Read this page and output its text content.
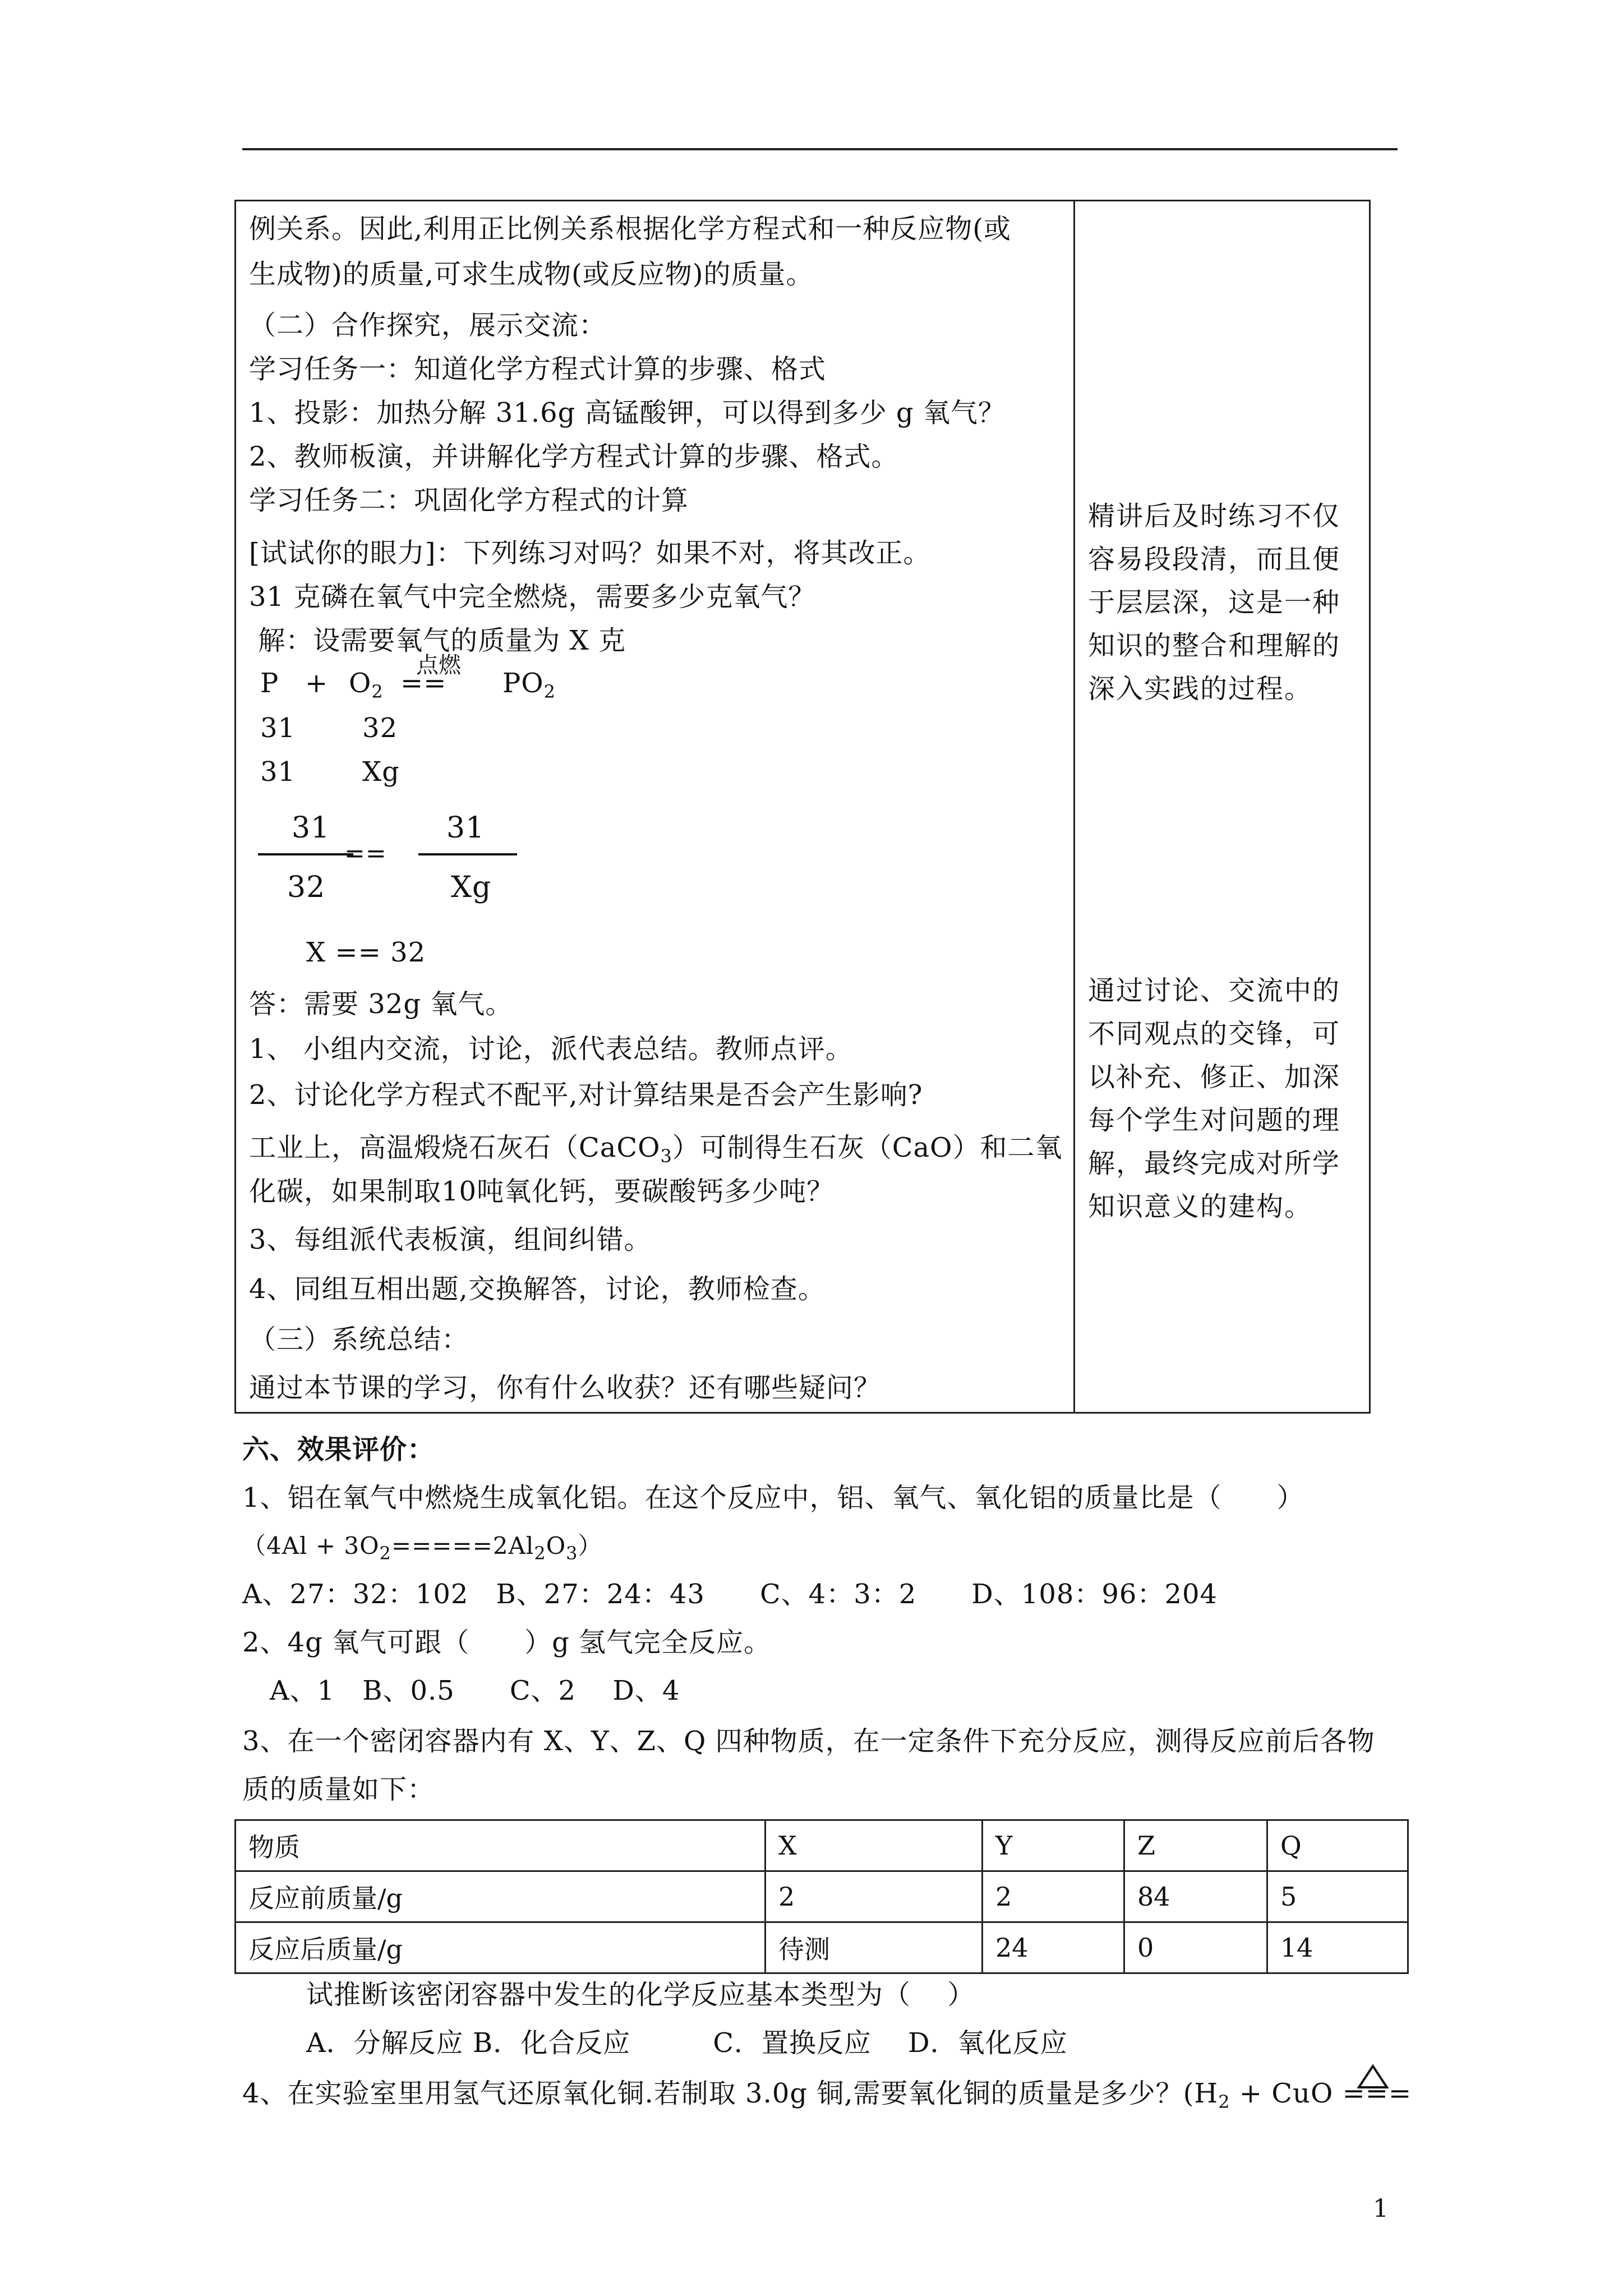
例关系。因此,利用正比例关系根据化学方程式和一种反应物(或
生成物)的质量,可求生成物(或反应物)的质量。
（二）合作探究，展示交流：
学习任务一：知道化学方程式计算的步骤、格式
1、投影：加热分解 31.6g 高锰酸钾，可以得到多少 g 氧气？
2、教师板演，并讲解化学方程式计算的步骤、格式。
学习任务二：巩固化学方程式的计算
[试试你的眼力]：下列练习对吗？如果不对，将其改正。
31 克磷在氧气中完全燃烧，需要多少克氧气？
解：设需要氧气的质量为 X 克
$P + O_2$
点燃
== $PO_2$
31 32
31 Xg
31
32
==
31
Xg
X == 32
答：需要 32g 氧气。
1、 小组内交流，讨论，派代表总结。教师点评。
2、讨论化学方程式不配平,对计算结果是否会产生影响?
工业上，高温煅烧石灰石（CaCO$_3$）可制得生石灰（CaO）和二氧
化碳，如果制取10吨氧化钙，要碳酸钙多少吨？
3、每组派代表板演，组间纠错。
4、同组互相出题,交换解答，讨论，教师检查。
（三）系统总结：
通过本节课的学习，你有什么收获？还有哪些疑问？
精讲后及时练习不仅容易段段清，而且便于层层深，这是一种知识的整合和理解的深入实践的过程。
通过讨论、交流中的不同观点的交锋，可以补充、修正、加深每个学生对问题的理解，最终完成对所学知识意义的建构。
六、效果评价：
1、铝在氧气中燃烧生成氧化铝。在这个反应中，铝、氧气、氧化铝的质量比是（　　）
$(4Al + 3O_2=====2Al_2O_3)$
A、27：32：102　B、27：24：43　　C、4：3：2　　D、108：96：204
2、4g 氧气可跟（　　）g 氢气完全反应。
　A、1　B、0.5　　C、2　 D、4
3、在一个密闭容器内有 X、Y、Z、Q 四种物质，在一定条件下充分反应，测得反应前后各物
质的质量如下：
物质	X	Y	Z	Q
反应前质量/g	2	2	84	5
反应后质量/g	待测	24	0	14
试推断该密闭容器中发生的化学反应基本类型为（　 ）
A．分解反应 B．化合反应　　　C．置换反应　 D．氧化反应
4、在实验室里用氢气还原氧化铜.若制取 3.0g 铜,需要氧化铜的质量是多少？($H_2$ + CuO ===
1
